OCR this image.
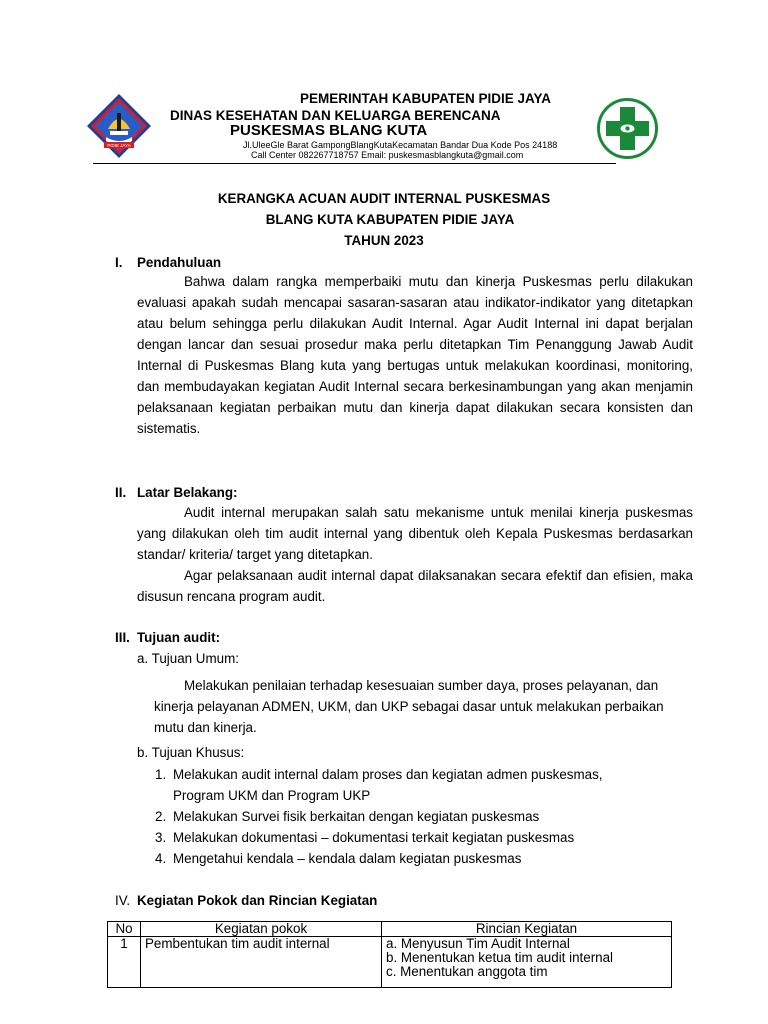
PIDIE JAYA
PEMERINTAH KABUPATEN PIDIE JAYA
DINAS KESEHATAN DAN KELUARGA BERENCANA
PUSKESMAS BLANG KUTA
Jl.UleeGle Barat GampongBlangKutaKecamatan Bandar Dua Kode Pos 24188
Call Center 082267718757 Email: puskesmasblangkuta@gmail.com
KERANGKA ACUAN AUDIT INTERNAL PUSKESMAS
BLANG KUTA KABUPATEN PIDIE JAYA
TAHUN 2023
I. Pendahuluan

Bahwa dalam rangka memperbaiki mutu dan kinerja Puskesmas perlu dilakukan evaluasi apakah sudah mencapai sasaran-sasaran atau indikator-indikator yang ditetapkan atau belum sehingga perlu dilakukan Audit Internal. Agar Audit Internal ini dapat berjalan dengan lancar dan sesuai prosedur maka perlu ditetapkan Tim Penanggung Jawab Audit Internal di Puskesmas Blang kuta yang bertugas untuk melakukan koordinasi, monitoring, dan membudayakan kegiatan Audit Internal secara berkesinambungan yang akan menjamin pelaksanaan kegiatan perbaikan mutu dan kinerja dapat dilakukan secara konsisten dan sistematis.

II. Latar Belakang:

Audit internal merupakan salah satu mekanisme untuk menilai kinerja puskesmas yang dilakukan oleh tim audit internal yang dibentuk oleh Kepala Puskesmas berdasarkan standar/ kriteria/ target yang ditetapkan.

Agar pelaksanaan audit internal dapat dilaksanakan secara efektif dan efisien, maka disusun rencana program audit.

III. Tujuan audit:
a. Tujuan Umum:

Melakukan penilaian terhadap kesesuaian sumber daya, proses pelayanan, dan kinerja pelayanan ADMEN, UKM, dan UKP sebagai dasar untuk melakukan perbaikan mutu dan kinerja.

b. Tujuan Khusus:
1. Melakukan audit internal dalam proses dan kegiatan admen puskesmas,
Program UKM dan Program UKP
2. Melakukan Survei fisik berkaitan dengan kegiatan puskesmas
3. Melakukan dokumentasi – dokumentasi terkait kegiatan puskesmas
4. Mengetahui kendala – kendala dalam kegiatan puskesmas
IV. Kegiatan Pokok dan Rincian Kegiatan
No	Kegiatan pokok	Rincian Kegiatan
1	Pembentukan tim audit internal	a. Menyusun Tim Audit Internal
b. Menentukan ketua tim audit internal
c. Menentukan anggota tim
